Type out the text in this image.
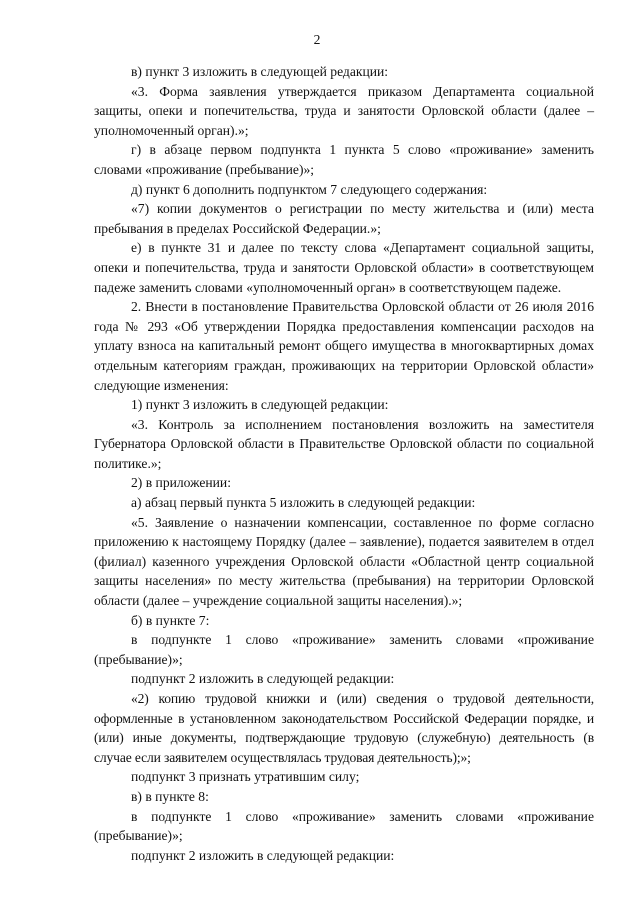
2

в) пункт 3 изложить в следующей редакции:

«3. Форма заявления утверждается приказом Департамента социальной защиты, опеки и попечительства, труда и занятости Орловской области (далее – уполномоченный орган).»;

г) в абзаце первом подпункта 1 пункта 5 слово «проживание» заменить словами «проживание (пребывание)»;

д) пункт 6 дополнить подпунктом 7 следующего содержания:

«7) копии документов о регистрации по месту жительства и (или) места пребывания в пределах Российской Федерации.»;

е) в пункте 31 и далее по тексту слова «Департамент социальной защиты, опеки и попечительства, труда и занятости Орловской области» в соответствующем падеже заменить словами «уполномоченный орган» в соответствующем падеже.

2. Внести в постановление Правительства Орловской области от 26 июля 2016 года № 293 «Об утверждении Порядка предоставления компенсации расходов на уплату взноса на капитальный ремонт общего имущества в многоквартирных домах отдельным категориям граждан, проживающих на территории Орловской области» следующие изменения:

1) пункт 3 изложить в следующей редакции:

«3. Контроль за исполнением постановления возложить на заместителя Губернатора Орловской области в Правительстве Орловской области по социальной политике.»;

2) в приложении:

а) абзац первый пункта 5 изложить в следующей редакции:

«5. Заявление о назначении компенсации, составленное по форме согласно приложению к настоящему Порядку (далее – заявление), подается заявителем в отдел (филиал) казенного учреждения Орловской области «Областной центр социальной защиты населения» по месту жительства (пребывания) на территории Орловской области (далее – учреждение социальной защиты населения).»;

б) в пункте 7:

в подпункте 1 слово «проживание» заменить словами «проживание (пребывание)»;

подпункт 2 изложить в следующей редакции:

«2) копию трудовой книжки и (или) сведения о трудовой деятельности, оформленные в установленном законодательством Российской Федерации порядке, и (или) иные документы, подтверждающие трудовую (служебную) деятельность (в случае если заявителем осуществлялась трудовая деятельность);»;

подпункт 3 признать утратившим силу;

в) в пункте 8:

в подпункте 1 слово «проживание» заменить словами «проживание (пребывание)»;

подпункт 2 изложить в следующей редакции:
